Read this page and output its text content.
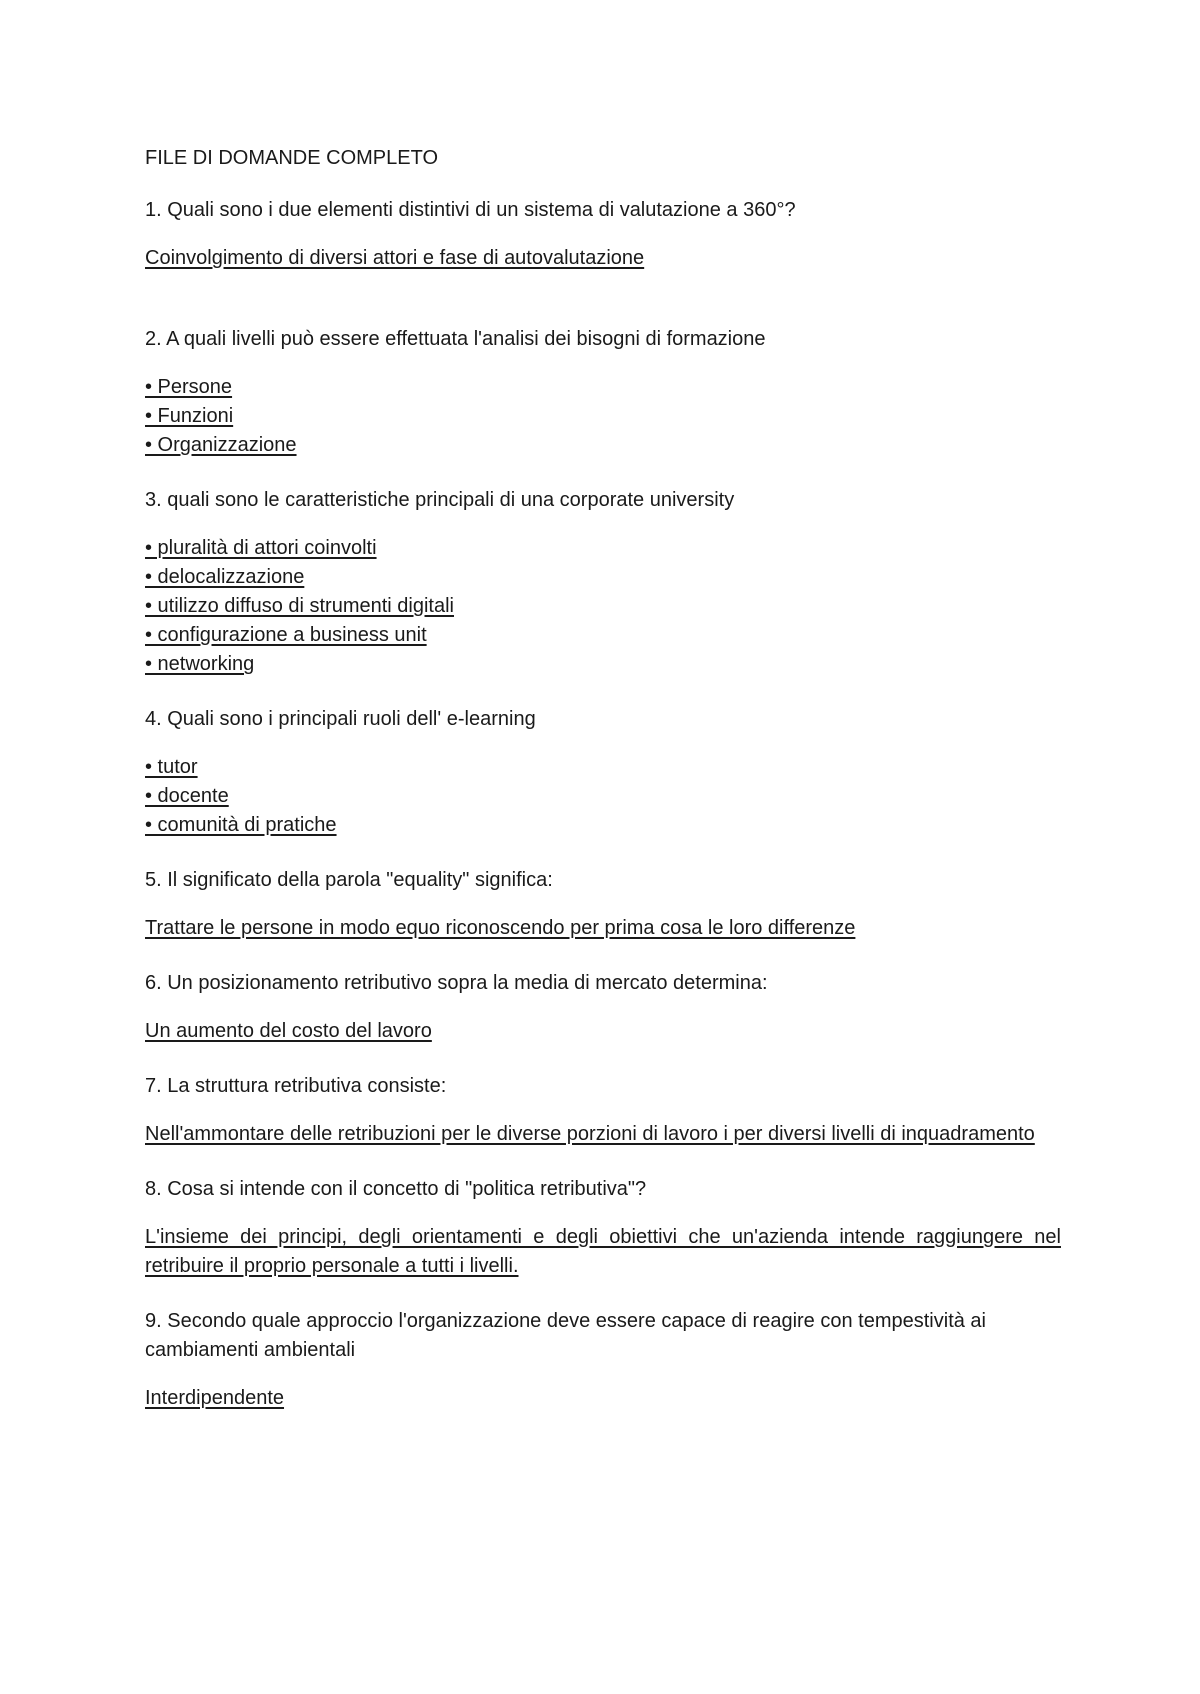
FILE DI DOMANDE COMPLETO

1. Quali sono i due elementi distintivi di un sistema di valutazione a 360°?

Coinvolgimento di diversi attori e fase di autovalutazione

2. A quali livelli può essere effettuata l'analisi dei bisogni di formazione

• Persone
• Funzioni
• Organizzazione

3. quali sono le caratteristiche principali di una corporate university

• pluralità di attori coinvolti
• delocalizzazione
• utilizzo diffuso di strumenti digitali
• configurazione a business unit
• networking

4. Quali sono i principali ruoli dell' e-learning

• tutor
• docente
• comunità di pratiche

5. Il significato della parola "equality" significa:

Trattare le persone in modo equo riconoscendo per prima cosa le loro differenze

6. Un posizionamento retributivo sopra la media di mercato determina:

Un aumento del costo del lavoro

7. La struttura retributiva consiste:

Nell'ammontare delle retribuzioni per le diverse porzioni di lavoro i per diversi livelli di inquadramento

8. Cosa si intende con il concetto di "politica retributiva"?

L'insieme dei principi, degli orientamenti e degli obiettivi che un'azienda intende raggiungere nel retribuire il proprio personale a tutti i livelli.

9. Secondo quale approccio l'organizzazione deve essere capace di reagire con tempestività ai cambiamenti ambientali

Interdipendente
